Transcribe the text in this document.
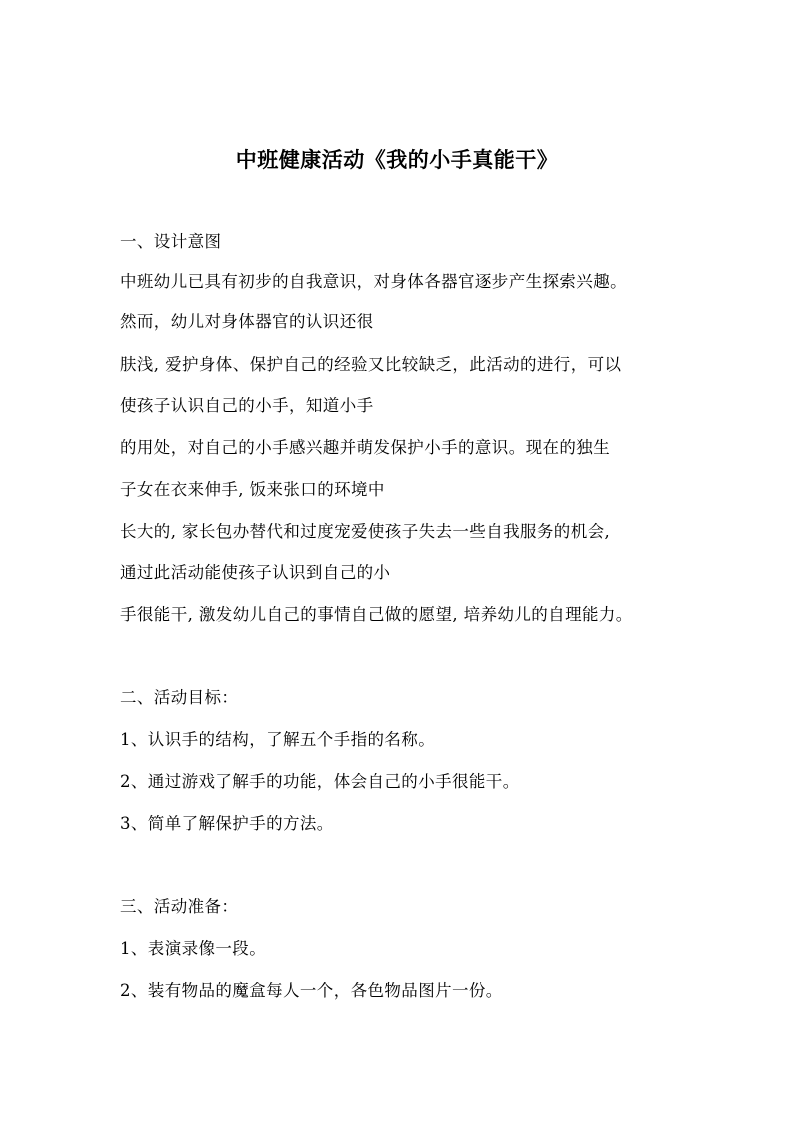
中班健康活动《我的小手真能干》
一、设计意图
中班幼儿已具有初步的自我意识，对身体各器官逐步产生探索兴趣。
然而，幼儿对身体器官的认识还很
肤浅, 爱护身体、保护自己的经验又比较缺乏，此活动的进行，可以
使孩子认识自己的小手，知道小手
的用处，对自己的小手感兴趣并萌发保护小手的意识。现在的独生
子女在衣来伸手, 饭来张口的环境中
长大的, 家长包办替代和过度宠爱使孩子失去一些自我服务的机会,
通过此活动能使孩子认识到自己的小
手很能干, 激发幼儿自己的事情自己做的愿望, 培养幼儿的自理能力。
二、活动目标：
1、认识手的结构，了解五个手指的名称。
2、通过游戏了解手的功能，体会自己的小手很能干。
3、简单了解保护手的方法。
三、活动准备：
1、表演录像一段。
2、装有物品的魔盒每人一个，各色物品图片一份。
